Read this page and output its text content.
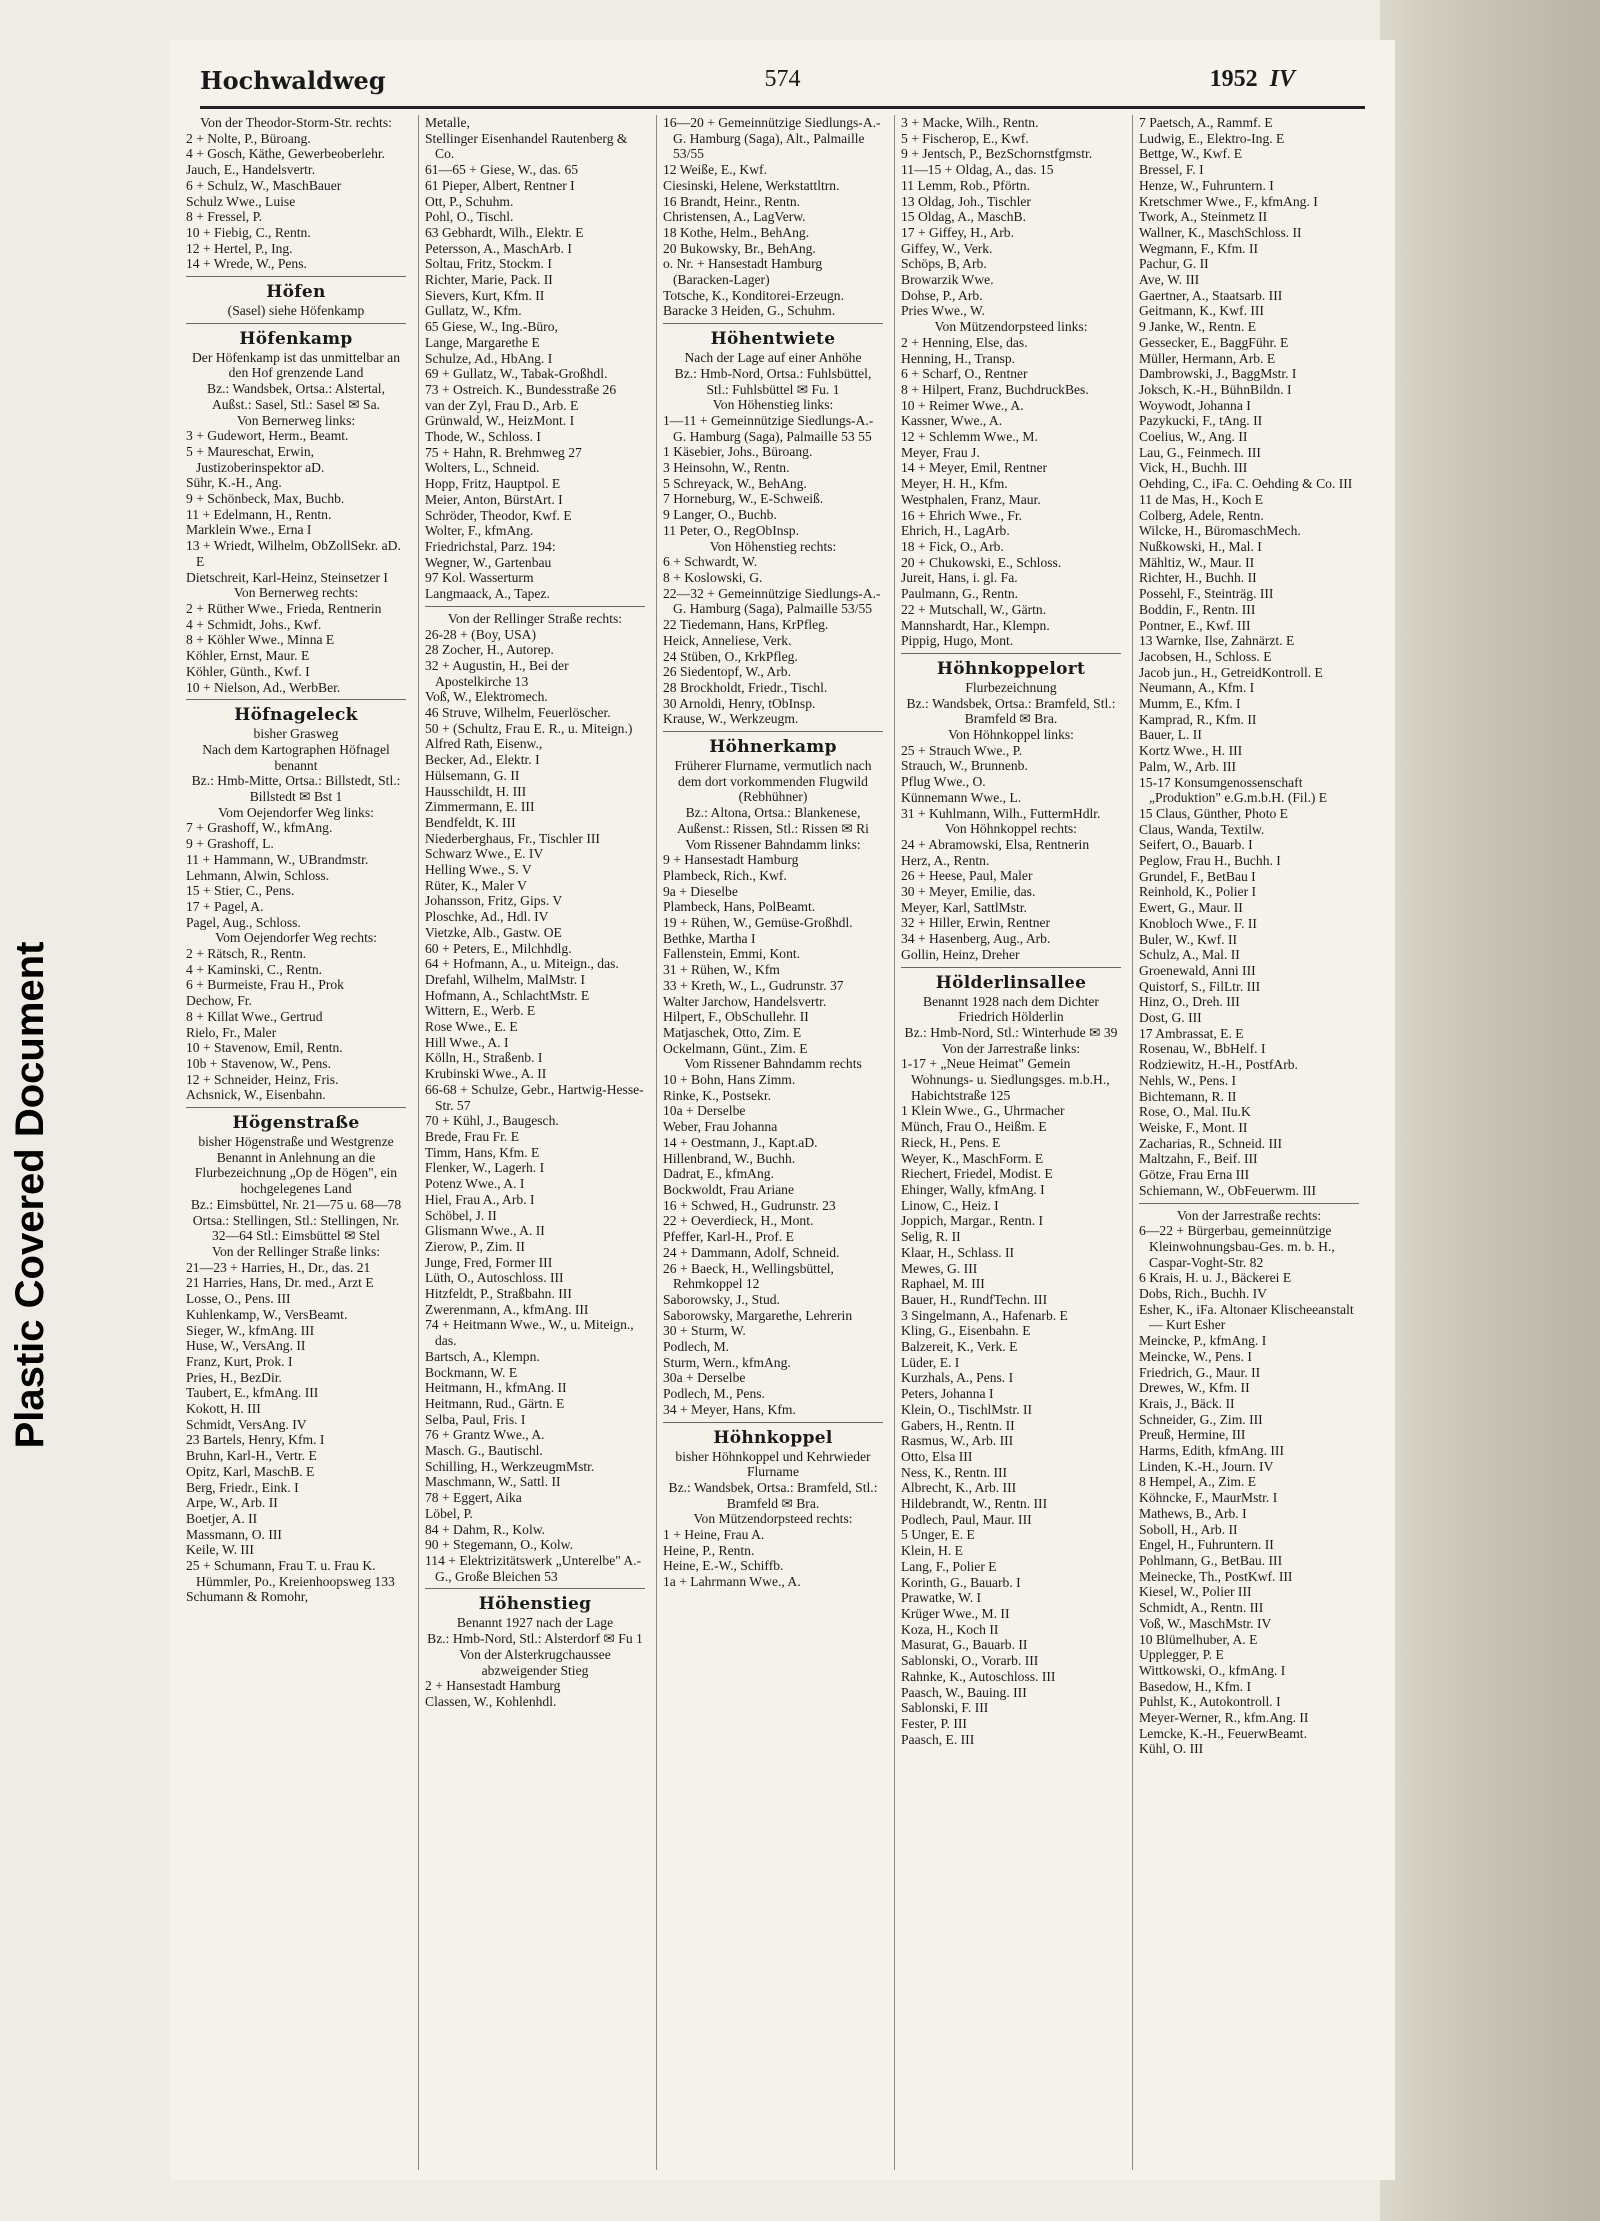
Plastic Covered Document
Hochwaldweg	574	1952 IV
Von der Theodor-Storm-Str. rechts:
2 + Nolte, P., Büroang.
4 + Gosch, Käthe, Gewerbeoberlehr.
Jauch, E., Handelsvertr.
6 + Schulz, W., MaschBauer
Schulz Wwe., Luise
8 + Fressel, P.
10 + Fiebig, C., Rentn.
12 + Hertel, P., Ing.
14 + Wrede, W., Pens.
Höfen
(Sasel) siehe Höfenkamp
Höfenkamp
Der Höfenkamp ist das unmittelbar an den Hof grenzende Land
Bz.: Wandsbek, Ortsa.: Alstertal, Außst.: Sasel, Stl.: Sasel ✉ Sa.
Von Bernerweg links:
3 + Gudewort, Herm., Beamt.
5 + Maureschat, Erwin, Justizoberinspektor aD.
Sühr, K.-H., Ang.
9 + Schönbeck, Max, Buchb.
11 + Edelmann, H., Rentn.
Marklein Wwe., Erna I
13 + Wriedt, Wilhelm, ObZollSekr. aD. E
Dietschreit, Karl-Heinz, Steinsetzer I
Von Bernerweg rechts:
2 + Rüther Wwe., Frieda, Rentnerin
4 + Schmidt, Johs., Kwf.
8 + Köhler Wwe., Minna E
Köhler, Ernst, Maur. E
Köhler, Günth., Kwf. I
10 + Nielson, Ad., WerbBer.
Höfnageleck
bisher Grasweg
Nach dem Kartographen Höfnagel benannt
Bz.: Hmb-Mitte, Ortsa.: Billstedt, Stl.: Billstedt ✉ Bst 1
Vom Oejendorfer Weg links:
7 + Grashoff, W., kfmAng.
9 + Grashoff, L.
11 + Hammann, W., UBrandmstr.
Lehmann, Alwin, Schloss.
15 + Stier, C., Pens.
17 + Pagel, A.
Pagel, Aug., Schloss.
Vom Oejendorfer Weg rechts:
2 + Rätsch, R., Rentn.
4 + Kaminski, C., Rentn.
6 + Burmeiste, Frau H., Prok
Dechow, Fr.
8 + Killat Wwe., Gertrud
Rielo, Fr., Maler
10 + Stavenow, Emil, Rentn.
10b + Stavenow, W., Pens.
12 + Schneider, Heinz, Fris.
Achsnick, W., Eisenbahn.
Högenstraße
bisher Högenstraße und Westgrenze
Benannt in Anlehnung an die Flurbezeichnung „Op de Högen", ein hochgelegenes Land
Bz.: Eimsbüttel, Nr. 21—75 u. 68—78 Ortsa.: Stellingen, Stl.: Stellingen, Nr. 32—64 Stl.: Eimsbüttel ✉ Stel
Von der Rellinger Straße links:
21—23 + Harries, H., Dr., das. 21
21 Harries, Hans, Dr. med., Arzt E
Losse, O., Pens. III
Kuhlenkamp, W., VersBeamt.
Sieger, W., kfmAng. III
Huse, W., VersAng. II
Franz, Kurt, Prok. I
Pries, H., BezDir.
Taubert, E., kfmAng. III
Kokott, H. III
Schmidt, VersAng. IV
23 Bartels, Henry, Kfm. I
Bruhn, Karl-H., Vertr. E
Opitz, Karl, MaschB. E
Berg, Friedr., Eink. I
Arpe, W., Arb. II
Boetjer, A. II
Massmann, O. III
Keile, W. III
25 + Schumann, Frau T. u. Frau K. Hümmler, Po., Kreienhoopsweg 133
Schumann & Romohr,
Metalle,
Stellinger Eisenhandel Rautenberg & Co.
61—65 + Giese, W., das. 65
61 Pieper, Albert, Rentner I
Ott, P., Schuhm.
Pohl, O., Tischl.
63 Gebhardt, Wilh., Elektr. E
Petersson, A., MaschArb. I
Soltau, Fritz, Stockm. I
Richter, Marie, Pack. II
Sievers, Kurt, Kfm. II
Gullatz, W., Kfm.
65 Giese, W., Ing.-Büro,
Lange, Margarethe E
Schulze, Ad., HbAng. I
69 + Gullatz, W., Tabak-Großhdl.
73 + Ostreich. K., Bundesstraße 26
van der Zyl, Frau D., Arb. E
Grünwald, W., HeizMont. I
Thode, W., Schloss. I
75 + Hahn, R. Brehmweg 27
Wolters, L., Schneid.
Hopp, Fritz, Hauptpol. E
Meier, Anton, BürstArt. I
Schröder, Theodor, Kwf. E
Wolter, F., kfmAng.
Friedrichstal, Parz. 194:
Wegner, W., Gartenbau
97 Kol. Wasserturm
Langmaack, A., Tapez.
Von der Rellinger Straße rechts:
26-28 + (Boy, USA)
28 Zocher, H., Autorep.
32 + Augustin, H., Bei der Apostelkirche 13
Voß, W., Elektromech.
46 Struve, Wilhelm, Feuerlöscher.
50 + (Schultz, Frau E. R., u. Miteign.)
Alfred Rath, Eisenw.,
Becker, Ad., Elektr. I
Hülsemann, G. II
Hausschildt, H. III
Zimmermann, E. III
Bendfeldt, K. III
Niederberghaus, Fr., Tischler III
Schwarz Wwe., E. IV
Helling Wwe., S. V
Rüter, K., Maler V
Johansson, Fritz, Gips. V
Ploschke, Ad., Hdl. IV
Vietzke, Alb., Gastw. OE
60 + Peters, E., Milchhdlg.
64 + Hofmann, A., u. Miteign., das.
Drefahl, Wilhelm, MalMstr. I
Hofmann, A., SchlachtMstr. E
Wittern, E., Werb. E
Rose Wwe., E. E
Hill Wwe., A. I
Kölln, H., Straßenb. I
Krubinski Wwe., A. II
66-68 + Schulze, Gebr., Hartwig-Hesse-Str. 57
70 + Kühl, J., Baugesch.
Brede, Frau Fr. E
Timm, Hans, Kfm. E
Flenker, W., Lagerh. I
Potenz Wwe., A. I
Hiel, Frau A., Arb. I
Schöbel, J. II
Glismann Wwe., A. II
Zierow, P., Zim. II
Junge, Fred, Former III
Lüth, O., Autoschloss. III
Hitzfeldt, P., Straßbahn. III
Zwerenmann, A., kfmAng. III
74 + Heitmann Wwe., W., u. Miteign., das.
Bartsch, A., Klempn.
Bockmann, W. E
Heitmann, H., kfmAng. II
Heitmann, Rud., Gärtn. E
Selba, Paul, Fris. I
76 + Grantz Wwe., A.
Masch. G., Bautischl.
Schilling, H., WerkzeugmMstr.
Maschmann, W., Sattl. II
78 + Eggert, Aika
Löbel, P.
84 + Dahm, R., Kolw.
90 + Stegemann, O., Kolw.
114 + Elektrizitätswerk „Unterelbe" A.-G., Große Bleichen 53
Höhenstieg
Benannt 1927 nach der Lage
Bz.: Hmb-Nord, Stl.: Alsterdorf ✉ Fu 1
Von der Alsterkrugchaussee abzweigender Stieg
2 + Hansestadt Hamburg
Classen, W., Kohlenhdl.
16—20 + Gemeinnützige Siedlungs-A.-G. Hamburg (Saga), Alt., Palmaille 53/55
12 Weiße, E., Kwf.
Ciesinski, Helene, Werkstattltrn.
16 Brandt, Heinr., Rentn.
Christensen, A., LagVerw.
18 Kothe, Helm., BehAng.
20 Bukowsky, Br., BehAng.
o. Nr. + Hansestadt Hamburg (Baracken-Lager)
Totsche, K., Konditorei-Erzeugn.
Baracke 3 Heiden, G., Schuhm.
Höhentwiete
Nach der Lage auf einer Anhöhe
Bz.: Hmb-Nord, Ortsa.: Fuhlsbüttel, Stl.: Fuhlsbüttel ✉ Fu. 1
Von Höhenstieg links:
1—11 + Gemeinnützige Siedlungs-A.-G. Hamburg (Saga), Palmaille 53 55
1 Käsebier, Johs., Büroang.
3 Heinsohn, W., Rentn.
5 Schreyack, W., BehAng.
7 Horneburg, W., E-Schweiß.
9 Langer, O., Buchb.
11 Peter, O., RegObInsp.
Von Höhenstieg rechts:
6 + Schwardt, W.
8 + Koslowski, G.
22—32 + Gemeinnützige Siedlungs-A.-G. Hamburg (Saga), Palmaille 53/55
22 Tiedemann, Hans, KrPfleg.
Heick, Anneliese, Verk.
24 Stüben, O., KrkPfleg.
26 Siedentopf, W., Arb.
28 Brockholdt, Friedr., Tischl.
30 Arnoldi, Henry, tObInsp.
Krause, W., Werkzeugm.
Höhnerkamp
Früherer Flurname, vermutlich nach dem dort vorkommenden Flugwild (Rebhühner)
Bz.: Altona, Ortsa.: Blankenese, Außenst.: Rissen, Stl.: Rissen ✉ Ri
Vom Rissener Bahndamm links:
9 + Hansestadt Hamburg
Plambeck, Rich., Kwf.
9a + Dieselbe
Plambeck, Hans, PolBeamt.
19 + Rühen, W., Gemüse-Großhdl.
Bethke, Martha I
Fallenstein, Emmi, Kont.
31 + Rühen, W., Kfm
33 + Kreth, W., L., Gudrunstr. 37
Walter Jarchow, Handelsvertr.
Hilpert, F., ObSchullehr. II
Matjaschek, Otto, Zim. E
Ockelmann, Günt., Zim. E
Vom Rissener Bahndamm rechts
10 + Bohn, Hans Zimm.
Rinke, K., Postsekr.
10a + Derselbe
Weber, Frau Johanna
14 + Oestmann, J., Kapt.aD.
Hillenbrand, W., Buchh.
Dadrat, E., kfmAng.
Bockwoldt, Frau Ariane
16 + Schwed, H., Gudrunstr. 23
22 + Oeverdieck, H., Mont.
Pfeffer, Karl-H., Prof. E
24 + Dammann, Adolf, Schneid.
26 + Baeck, H., Wellingsbüttel, Rehmkoppel 12
Saborowsky, J., Stud.
Saborowsky, Margarethe, Lehrerin
30 + Sturm, W.
Podlech, M.
Sturm, Wern., kfmAng.
30a + Derselbe
Podlech, M., Pens.
34 + Meyer, Hans, Kfm.
Höhnkoppel
bisher Höhnkoppel und Kehrwieder
Flurname
Bz.: Wandsbek, Ortsa.: Bramfeld, Stl.: Bramfeld ✉ Bra.
Von Mützendorpsteed rechts:
1 + Heine, Frau A.
Heine, P., Rentn.
Heine, E.-W., Schiffb.
1a + Lahrmann Wwe., A.
3 + Macke, Wilh., Rentn.
5 + Fischerop, E., Kwf.
9 + Jentsch, P., BezSchornstfgmstr.
11—15 + Oldag, A., das. 15
11 Lemm, Rob., Pförtn.
13 Oldag, Joh., Tischler
15 Oldag, A., MaschB.
17 + Giffey, H., Arb.
Giffey, W., Verk.
Schöps, B, Arb.
Browarzik Wwe.
Dohse, P., Arb.
Pries Wwe., W.
Von Mützendorpsteed links:
2 + Henning, Else, das.
Henning, H., Transp.
6 + Scharf, O., Rentner
8 + Hilpert, Franz, BuchdruckBes.
10 + Reimer Wwe., A.
Kassner, Wwe., A.
12 + Schlemm Wwe., M.
Meyer, Frau J.
14 + Meyer, Emil, Rentner
Meyer, H. H., Kfm.
Westphalen, Franz, Maur.
16 + Ehrich Wwe., Fr.
Ehrich, H., LagArb.
18 + Fick, O., Arb.
20 + Chukowski, E., Schloss.
Jureit, Hans, i. gl. Fa.
Paulmann, G., Rentn.
22 + Mutschall, W., Gärtn.
Mannshardt, Har., Klempn.
Pippig, Hugo, Mont.
Höhnkoppelort
Flurbezeichnung
Bz.: Wandsbek, Ortsa.: Bramfeld, Stl.: Bramfeld ✉ Bra.
Von Höhnkoppel links:
25 + Strauch Wwe., P.
Strauch, W., Brunnenb.
Pflug Wwe., O.
Künnemann Wwe., L.
31 + Kuhlmann, Wilh., FuttermHdlr.
Von Höhnkoppel rechts:
24 + Abramowski, Elsa, Rentnerin
Herz, A., Rentn.
26 + Heese, Paul, Maler
30 + Meyer, Emilie, das.
Meyer, Karl, SattlMstr.
32 + Hiller, Erwin, Rentner
34 + Hasenberg, Aug., Arb.
Gollin, Heinz, Dreher
Hölderlinsallee
Benannt 1928 nach dem Dichter Friedrich Hölderlin
Bz.: Hmb-Nord, Stl.: Winterhude ✉ 39
Von der Jarrestraße links:
1-17 + „Neue Heimat" Gemein Wohnungs- u. Siedlungsges. m.b.H., Habichtstraße 125
1 Klein Wwe., G., Uhrmacher
Münch, Frau O., Heißm. E
Rieck, H., Pens. E
Weyer, K., MaschForm. E
Riechert, Friedel, Modist. E
Ehinger, Wally, kfmAng. I
Linow, C., Heiz. I
Joppich, Margar., Rentn. I
Selig, R. II
Klaar, H., Schlass. II
Mewes, G. III
Raphael, M. III
Bauer, H., RundfTechn. III
3 Singelmann, A., Hafenarb. E
Kling, G., Eisenbahn. E
Balzereit, K., Verk. E
Lüder, E. I
Kurzhals, A., Pens. I
Peters, Johanna I
Klein, O., TischlMstr. II
Gabers, H., Rentn. II
Rasmus, W., Arb. III
Otto, Elsa III
Ness, K., Rentn. III
Albrecht, K., Arb. III
Hildebrandt, W., Rentn. III
Podlech, Paul, Maur. III
5 Unger, E. E
Klein, H. E
Lang, F., Polier E
Korinth, G., Bauarb. I
Prawatke, W. I
Krüger Wwe., M. II
Koza, H., Koch II
Masurat, G., Bauarb. II
Sablonski, O., Vorarb. III
Rahnke, K., Autoschloss. III
Paasch, W., Bauing. III
Sablonski, F. III
Fester, P. III
Paasch, E. III
7 Paetsch, A., Rammf. E
Ludwig, E., Elektro-Ing. E
Bettge, W., Kwf. E
Bressel, F. I
Henze, W., Fuhruntern. I
Kretschmer Wwe., F., kfmAng. I
Twork, A., Steinmetz II
Wallner, K., MaschSchloss. II
Wegmann, F., Kfm. II
Pachur, G. II
Ave, W. III
Gaertner, A., Staatsarb. III
Geitmann, K., Kwf. III
9 Janke, W., Rentn. E
Gessecker, E., BaggFühr. E
Müller, Hermann, Arb. E
Dambrowski, J., BaggMstr. I
Joksch, K.-H., BühnBildn. I
Woywodt, Johanna I
Pazykucki, F., tAng. II
Coelius, W., Ang. II
Lau, G., Feinmech. III
Vick, H., Buchh. III
Oehding, C., iFa. C. Oehding & Co. III
11 de Mas, H., Koch E
Colberg, Adele, Rentn.
Wilcke, H., BüromaschMech.
Nußkowski, H., Mal. I
Mähltiz, W., Maur. II
Richter, H., Buchh. II
Possehl, F., Steinträg. III
Boddin, F., Rentn. III
Pontner, E., Kwf. III
13 Warnke, Ilse, Zahnärzt. E
Jacobsen, H., Schloss. E
Jacob jun., H., GetreidKontroll. E
Neumann, A., Kfm. I
Mumm, E., Kfm. I
Kamprad, R., Kfm. II
Bauer, L. II
Kortz Wwe., H. III
Palm, W., Arb. III
15-17 Konsumgenossenschaft „Produktion" e.G.m.b.H. (Fil.) E
15 Claus, Günther, Photo E
Claus, Wanda, Textilw.
Seifert, O., Bauarb. I
Peglow, Frau H., Buchh. I
Grundel, F., BetBau I
Reinhold, K., Polier I
Ewert, G., Maur. II
Knobloch Wwe., F. II
Buler, W., Kwf. II
Schulz, A., Mal. II
Groenewald, Anni III
Quistorf, S., FilLtr. III
Hinz, O., Dreh. III
Dost, G. III
17 Ambrassat, E. E
Rosenau, W., BbHelf. I
Rodziewitz, H.-H., PostfArb.
Nehls, W., Pens. I
Bichtemann, R. II
Rose, O., Mal. IIu.K
Weiske, F., Mont. II
Zacharias, R., Schneid. III
Maltzahn, F., Beif. III
Götze, Frau Erna III
Schiemann, W., ObFeuerwm. III
Von der Jarrestraße rechts:
6—22 + Bürgerbau, gemeinnützige Kleinwohnungsbau-Ges. m. b. H., Caspar-Voght-Str. 82
6 Krais, H. u. J., Bäckerei E
Dobs, Rich., Buchh. IV
Esher, K., iFa. Altonaer Klischeeanstalt — Kurt Esher
Meincke, P., kfmAng. I
Meincke, W., Pens. I
Friedrich, G., Maur. II
Drewes, W., Kfm. II
Krais, J., Bäck. II
Schneider, G., Zim. III
Preuß, Hermine, III
Harms, Edith, kfmAng. III
Linden, K.-H., Journ. IV
8 Hempel, A., Zim. E
Köhncke, F., MaurMstr. I
Mathews, B., Arb. I
Soboll, H., Arb. II
Engel, H., Fuhruntern. II
Pohlmann, G., BetBau. III
Meinecke, Th., PostKwf. III
Kiesel, W., Polier III
Schmidt, A., Rentn. III
Voß, W., MaschMstr. IV
10 Blümelhuber, A. E
Upplegger, P. E
Wittkowski, O., kfmAng. I
Basedow, H., Kfm. I
Puhlst, K., Autokontroll. I
Meyer-Werner, R., kfm.Ang. II
Lemcke, K.-H., FeuerwBeamt.
Kühl, O. III
